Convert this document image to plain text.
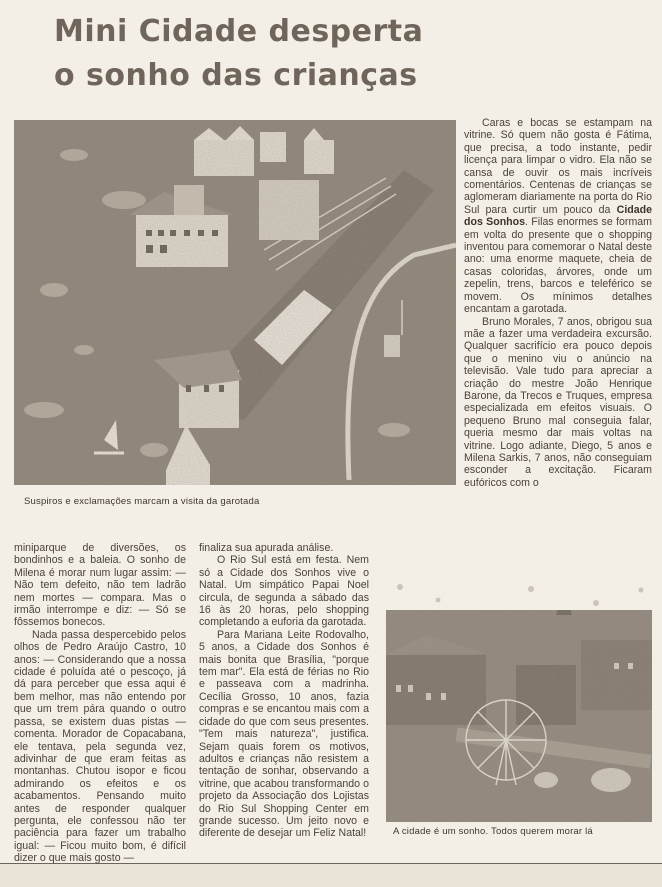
Mini Cidade desperta
o sonho das crianças
Suspiros e exclamações marcam a visita da garotada

Caras e bocas se estampam na vitrine. Só quem não gosta é Fátima, que precisa, a todo instante, pedir licença para limpar o vidro. Ela não se cansa de ouvir os mais incríveis comentários. Centenas de crianças se aglomeram diariamente na porta do Rio Sul para curtir um pouco da Cidade dos Sonhos. Filas enormes se formam em volta do presente que o shopping inventou para comemorar o Natal deste ano: uma enorme maquete, cheia de casas coloridas, árvores, onde um zepelin, trens, barcos e teleférico se movem. Os mínimos detalhes encantam a garotada.

Bruno Morales, 7 anos, obrigou sua mãe a fazer uma verdadeira excursão. Qualquer sacrifício era pouco depois que o menino viu o anúncio na televisão. Vale tudo para apreciar a criação do mestre João Henrique Barone, da Trecos e Truques, empresa especializada em efeitos visuais. O pequeno Bruno mal conseguia falar, queria mesmo dar mais voltas na vitrine. Logo adiante, Diego, 5 anos e Milena Sarkis, 7 anos, não conseguiam esconder a excitação. Ficaram eufóricos com o

miniparque de diversões, os bondinhos e a baleia. O sonho de Milena é morar num lugar assim: — Não tem defeito, não tem ladrão nem mortes — compara. Mas o irmão interrompe e diz: — Só se fôssemos bonecos.

Nada passa despercebido pelos olhos de Pedro Araújo Castro, 10 anos: — Considerando que a nossa cidade é poluída até o pescoço, já dá para perceber que essa aqui é bem melhor, mas não entendo por que um trem pára quando o outro passa, se existem duas pistas — comenta. Morador de Copacabana, ele tentava, pela segunda vez, adivinhar de que eram feitas as montanhas. Chutou isopor e ficou admirando os efeitos e os acabamentos. Pensando muito antes de responder qualquer pergunta, ele confessou não ter paciência para fazer um trabalho igual: — Ficou muito bom, é difícil dizer o que mais gosto —

finaliza sua apurada análise.

O Rio Sul está em festa. Nem só a Cidade dos Sonhos vive o Natal. Um simpático Papai Noel circula, de segunda a sábado das 16 às 20 horas, pelo shopping completando a euforia da garotada.

Para Mariana Leite Rodovalho, 5 anos, a Cidade dos Sonhos é mais bonita que Brasília, "porque tem mar". Ela está de férias no Rio e passeava com a madrinha. Cecília Grosso, 10 anos, fazia compras e se encantou mais com a cidade do que com seus presentes. "Tem mais natureza", justifica. Sejam quais forem os motivos, adultos e crianças não resistem a tentação de sonhar, observando a vitrine, que acabou transformando o projeto da Associação dos Lojistas do Rio Sul Shopping Center em grande sucesso. Um jeito novo e diferente de desejar um Feliz Natal!	A cidade é um sonho. Todos querem morar lá
